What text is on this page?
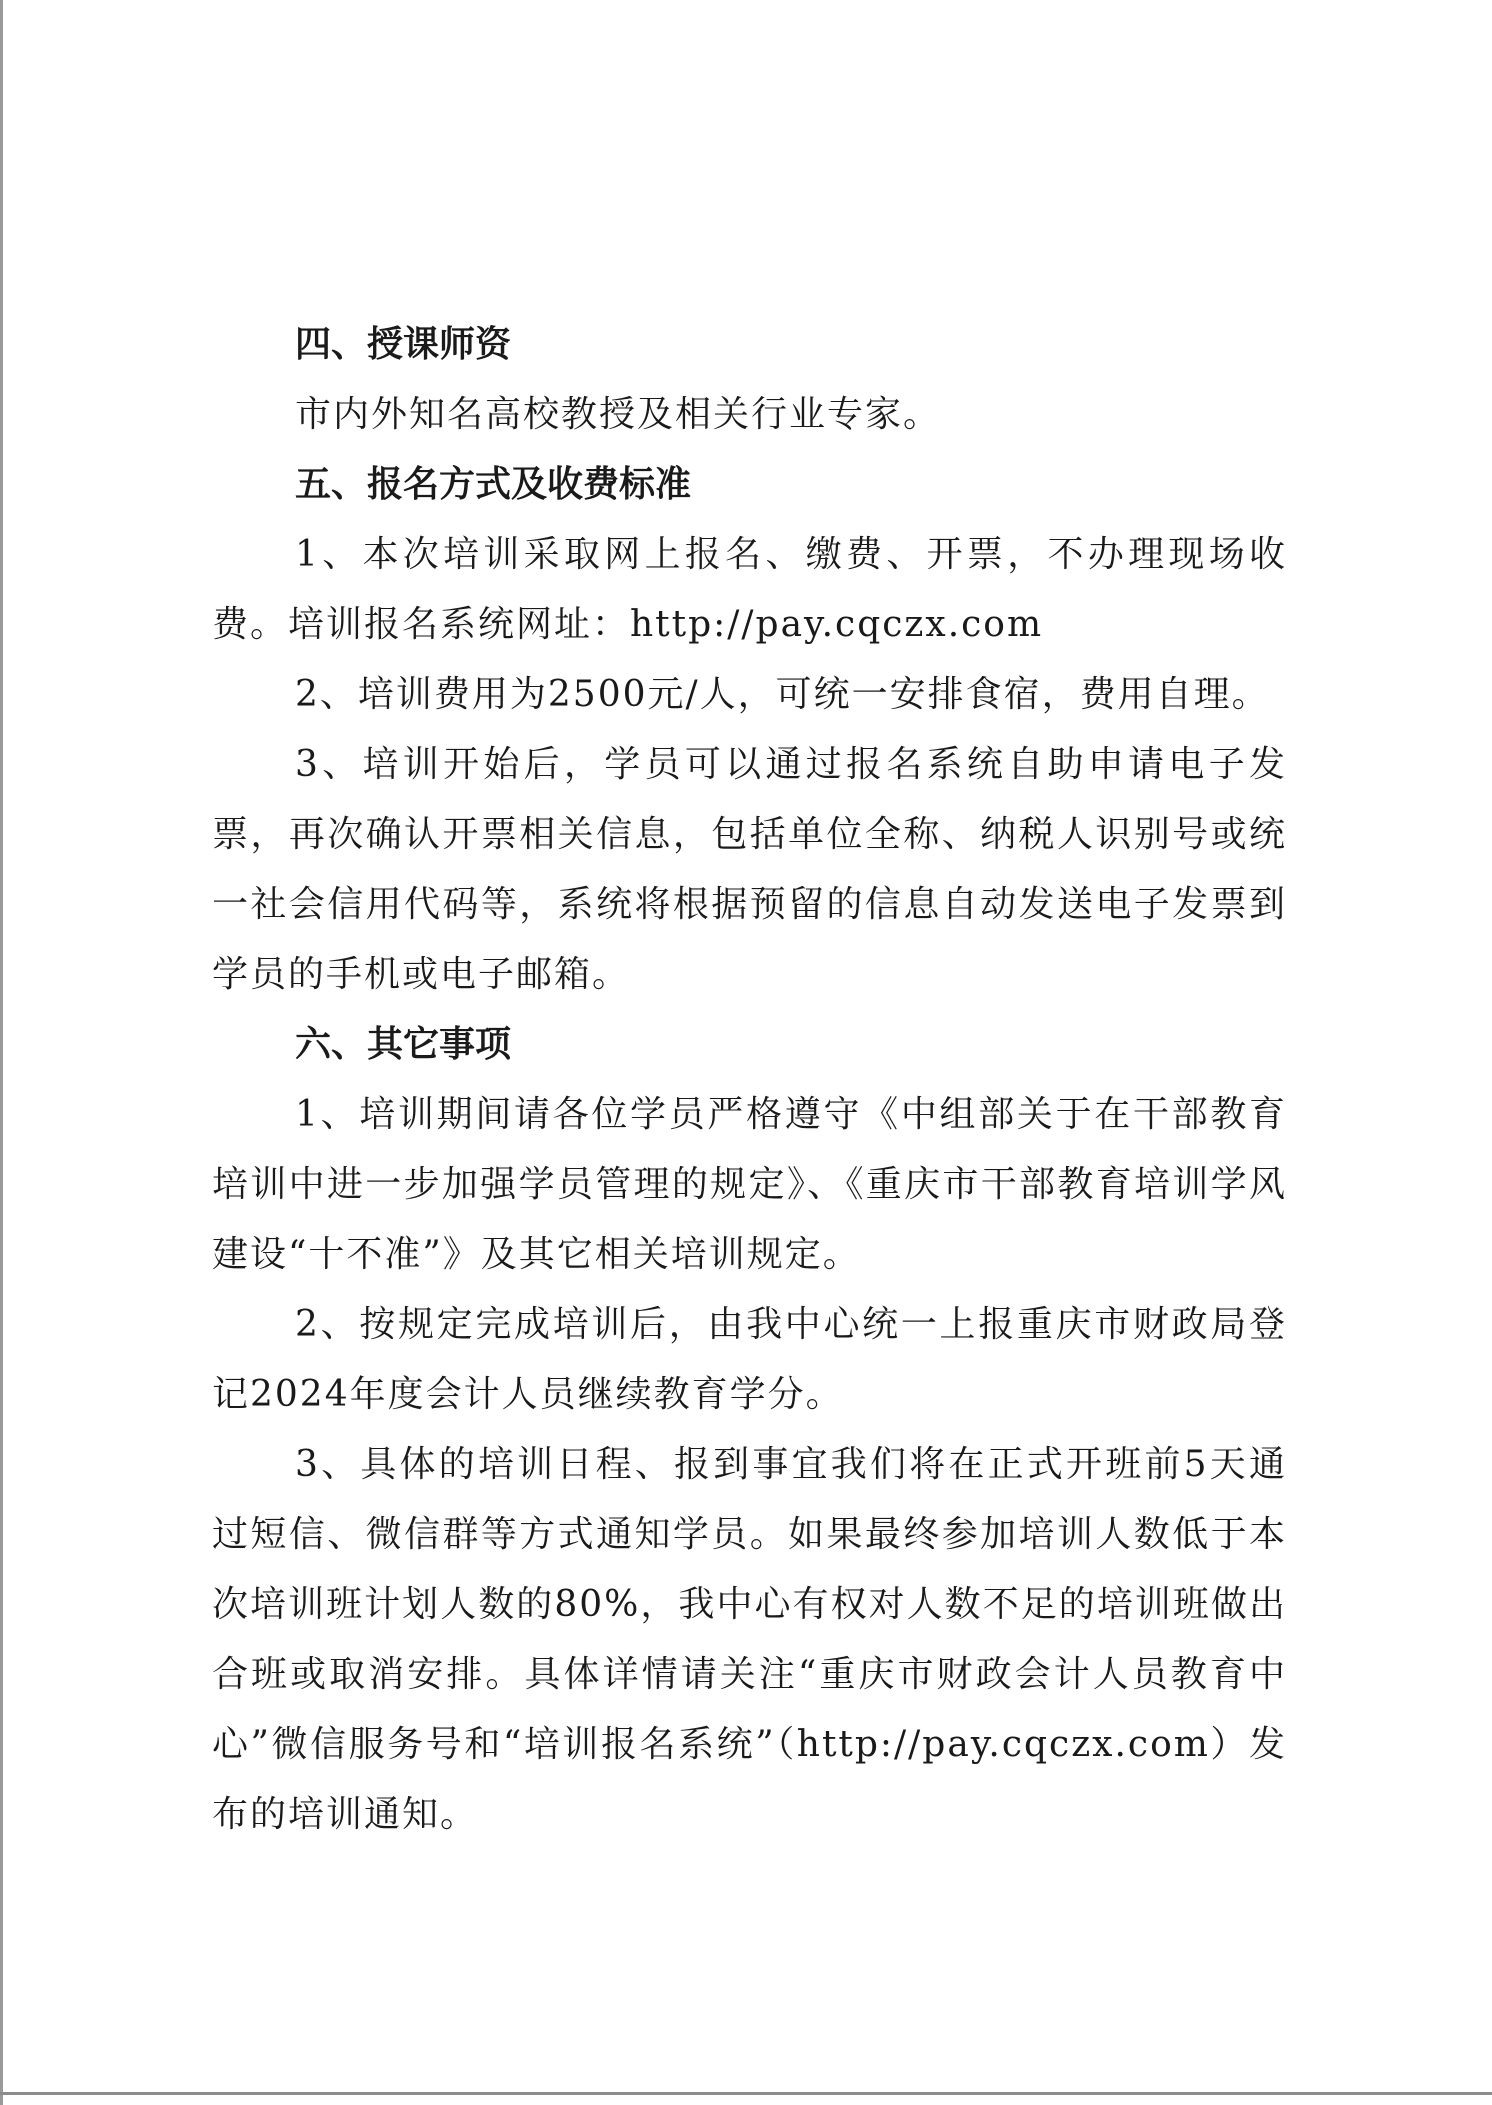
四、授课师资

市内外知名高校教授及相关行业专家。

五、报名方式及收费标准

1、本次培训采取网上报名、缴费、开票，不办理现场收费。培训报名系统网址：http://pay.cqczx.com

2、培训费用为2500元/人，可统一安排食宿，费用自理。

3、培训开始后，学员可以通过报名系统自助申请电子发票，再次确认开票相关信息，包括单位全称、纳税人识别号或统一社会信用代码等，系统将根据预留的信息自动发送电子发票到学员的手机或电子邮箱。

六、其它事项

1、培训期间请各位学员严格遵守《中组部关于在干部教育培训中进一步加强学员管理的规定》、《重庆市干部教育培训学风建设“十不准”》及其它相关培训规定。

2、按规定完成培训后，由我中心统一上报重庆市财政局登记2024年度会计人员继续教育学分。

3、具体的培训日程、报到事宜我们将在正式开班前5天通过短信、微信群等方式通知学员。如果最终参加培训人数低于本次培训班计划人数的80%，我中心有权对人数不足的培训班做出合班或取消安排。具体详情请关注“重庆市财政会计人员教育中心”微信服务号和“培训报名系统”（http://pay.cqczx.com）发布的培训通知。
